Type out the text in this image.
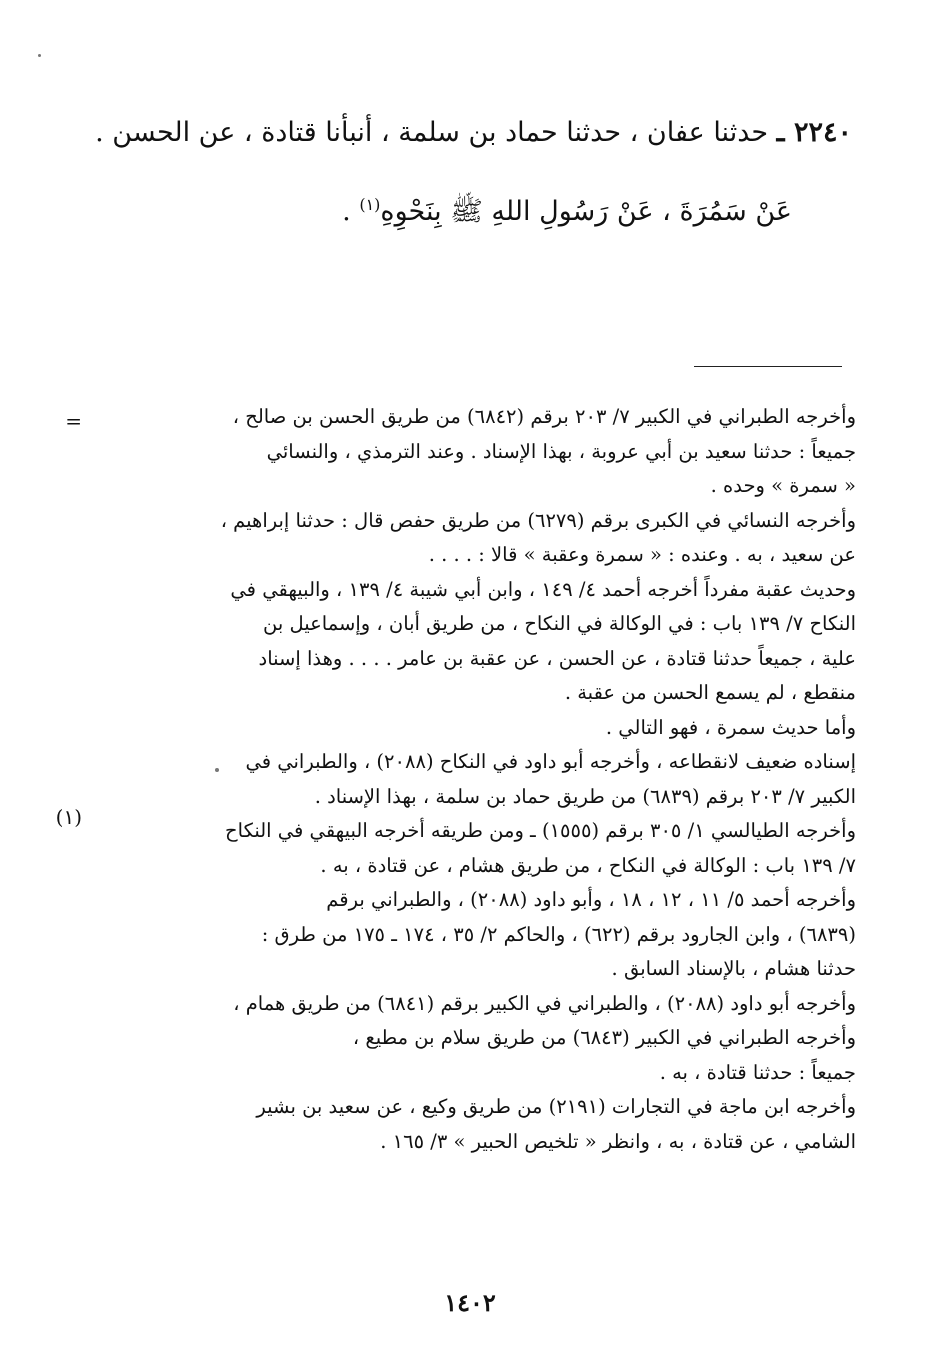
٢٢٤٠ ـ حدثنا عفان ، حدثنا حماد بن سلمة ، أنبأنا قتادة ، عن الحسن .
عَنْ سَمُرَةَ ، عَنْ رَسُولِ اللهِ ﷺ بِنَحْوِهِ$^{(١)}$ .
=
(١)

وأخرجه الطبراني في الكبير ٧/ ٢٠٣ برقم (٦٨٤٢) من طريق الحسن بن صالح ،

جميعاً : حدثنا سعيد بن أبي عروبة ، بهذا الإسناد . وعند الترمذي ، والنسائي

« سمرة » وحده .

وأخرجه النسائي في الكبرى برقم (٦٢٧٩) من طريق حفص قال : حدثنا إبراهيم ،

عن سعيد ، به . وعنده : « سمرة وعقبة » قالا : . . . .

وحديث عقبة مفرداً أخرجه أحمد ٤/ ١٤٩ ، وابن أبي شيبة ٤/ ١٣٩ ، والبيهقي في

النكاح ٧/ ١٣٩ باب : في الوكالة في النكاح ، من طريق أبان ، وإسماعيل بن

علية ، جميعاً حدثنا قتادة ، عن الحسن ، عن عقبة بن عامر . . . . وهذا إسناد

منقطع ، لم يسمع الحسن من عقبة .

وأما حديث سمرة ، فهو التالي .

إسناده ضعيف لانقطاعه ، وأخرجه أبو داود في النكاح (٢٠٨٨) ، والطبراني في

الكبير ٧/ ٢٠٣ برقم (٦٨٣٩) من طريق حماد بن سلمة ، بهذا الإسناد .

وأخرجه الطيالسي ١/ ٣٠٥ برقم (١٥٥٥) ـ ومن طريقه أخرجه البيهقي في النكاح

٧/ ١٣٩ باب : الوكالة في النكاح ، من طريق هشام ، عن قتادة ، به .

وأخرجه أحمد ٥/ ١١ ، ١٢ ، ١٨ ، وأبو داود (٢٠٨٨) ، والطبراني برقم

(٦٨٣٩) ، وابن الجارود برقم (٦٢٢) ، والحاكم ٢/ ٣٥ ، ١٧٤ ـ ١٧٥ من طرق :

حدثنا هشام ، بالإسناد السابق .

وأخرجه أبو داود (٢٠٨٨) ، والطبراني في الكبير برقم (٦٨٤١) من طريق همام ،

وأخرجه الطبراني في الكبير (٦٨٤٣) من طريق سلام بن مطيع ،

جميعاً : حدثنا قتادة ، به .

وأخرجه ابن ماجة في التجارات (٢١٩١) من طريق وكيع ، عن سعيد بن بشير

الشامي ، عن قتادة ، به ، وانظر « تلخيص الحبير » ٣/ ١٦٥ .

١٤٠٢
